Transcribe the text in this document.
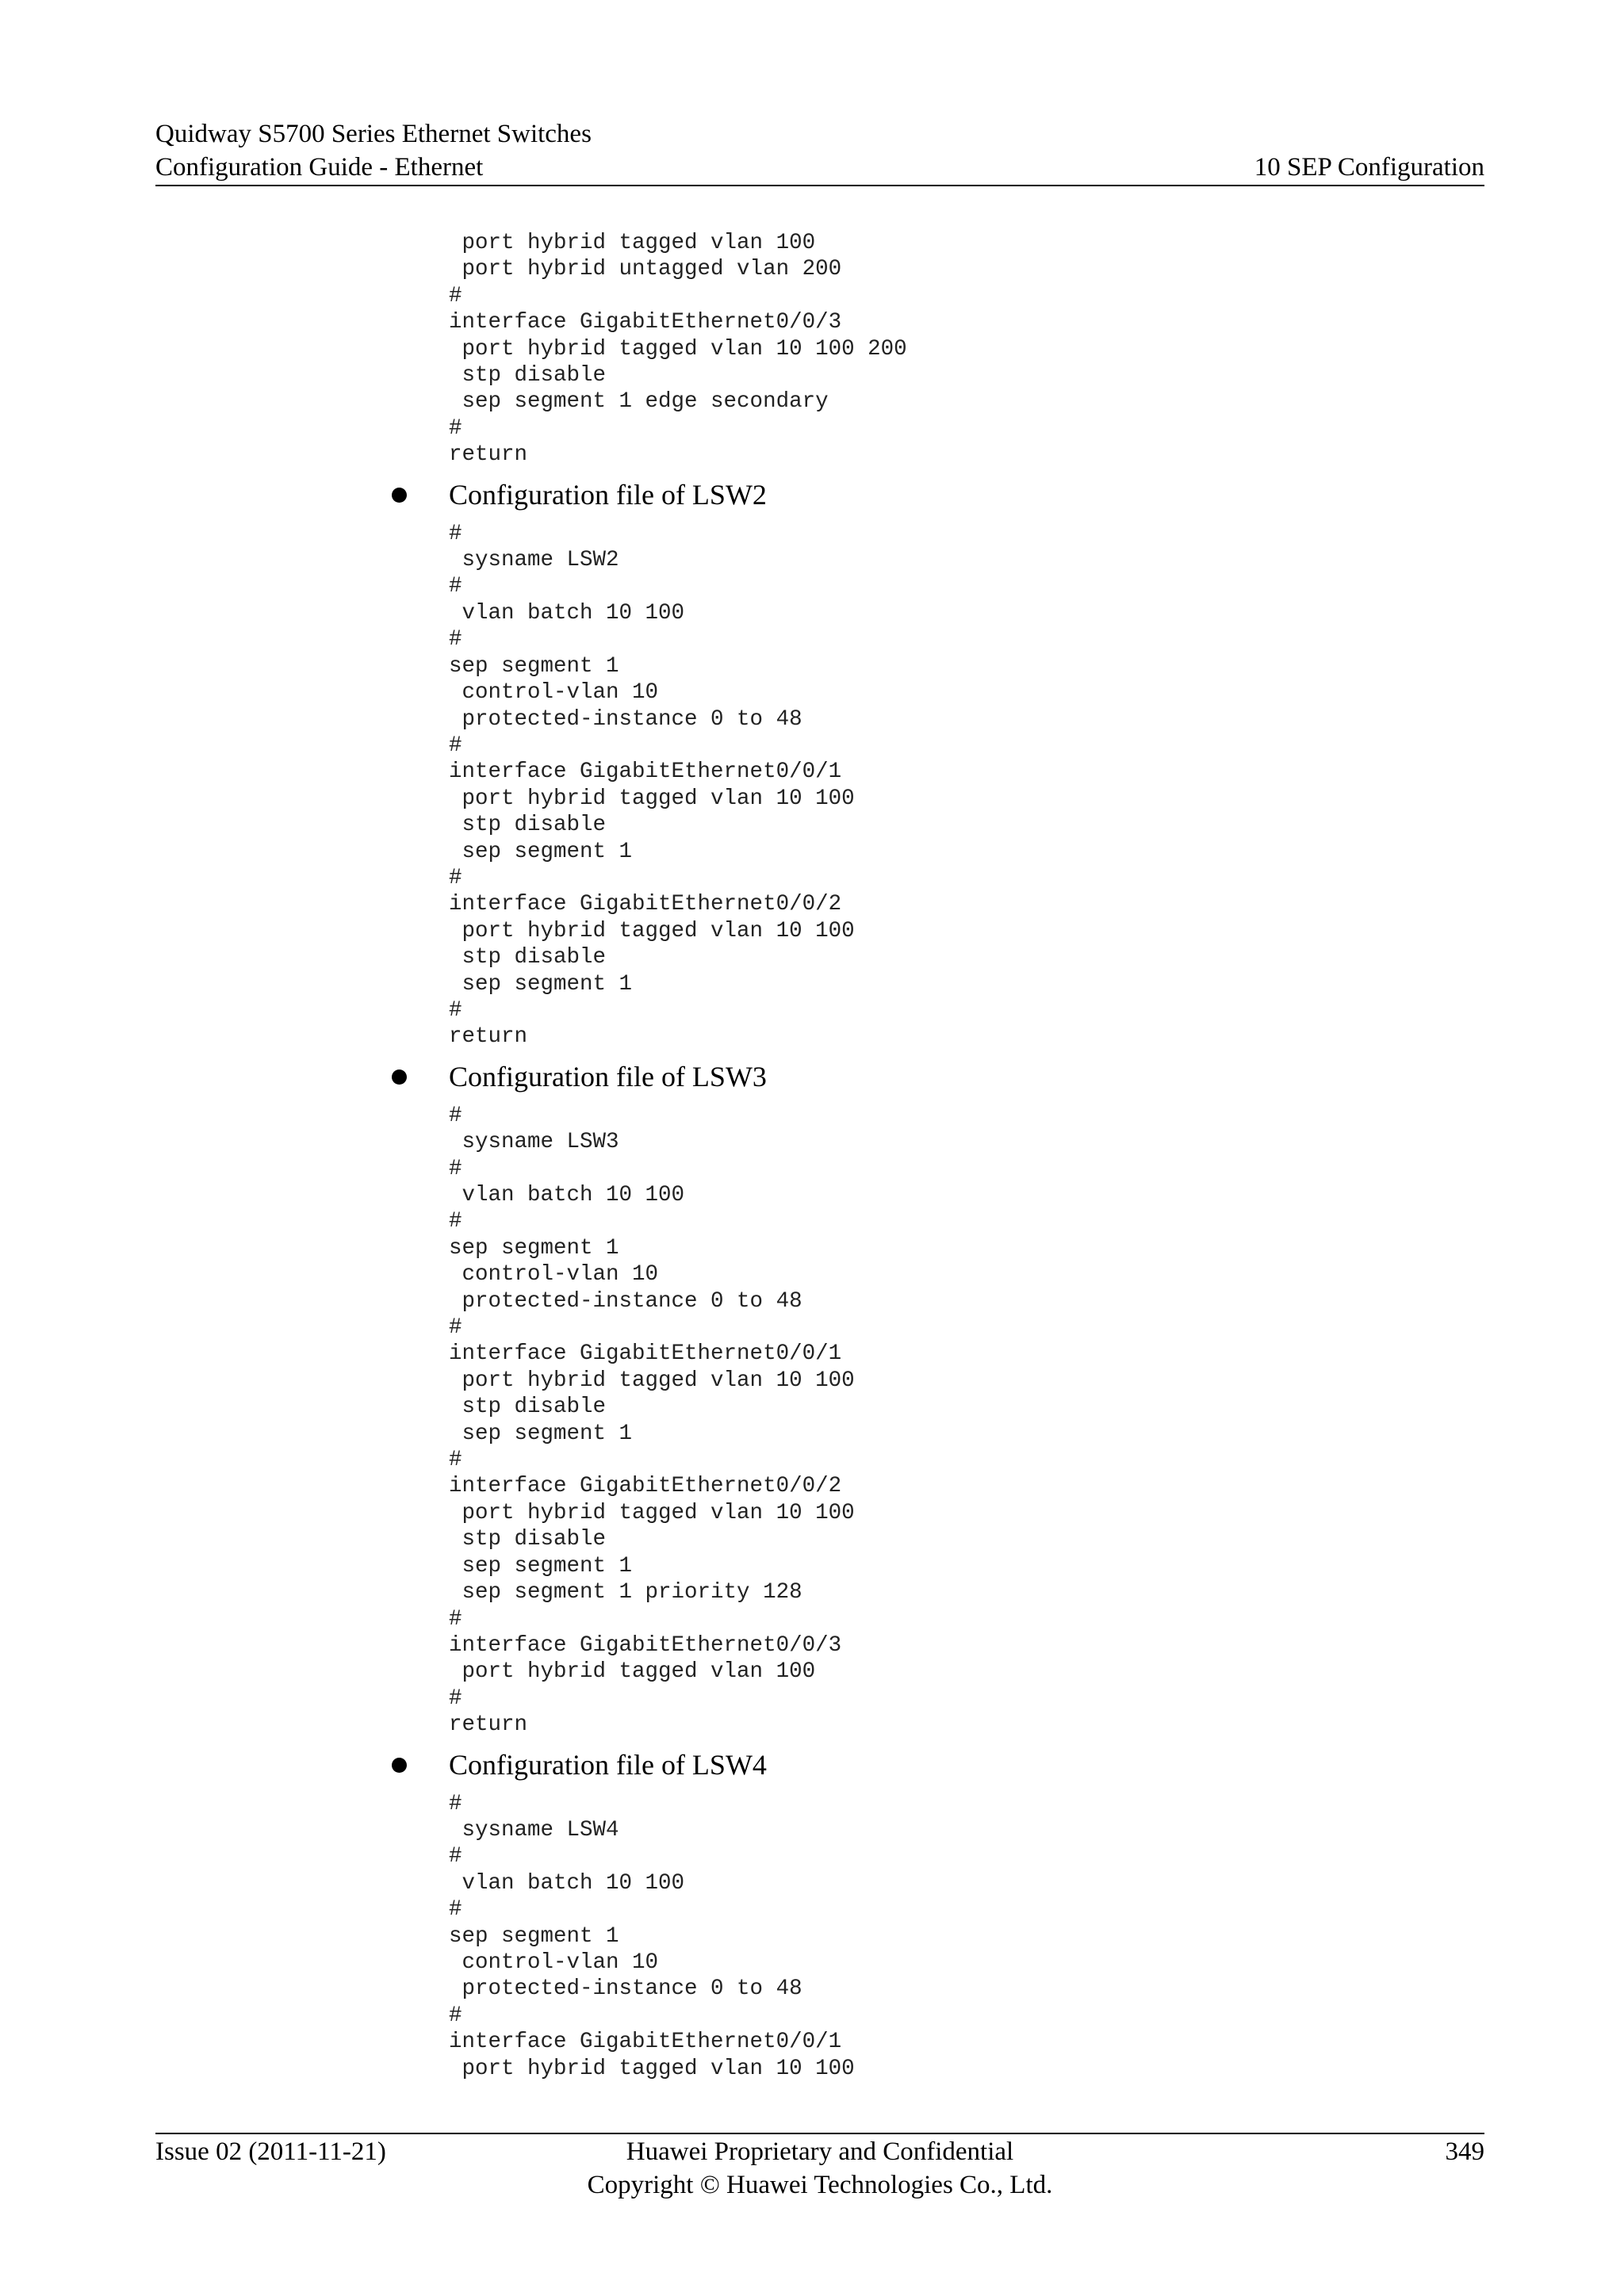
Quidway S5700 Series Ethernet Switches
Configuration Guide - Ethernet	10 SEP Configuration
port hybrid tagged vlan 100
port hybrid untagged vlan 200
#
interface GigabitEthernet0/0/3
port hybrid tagged vlan 10 100 200
stp disable
sep segment 1 edge secondary
#
return
Configuration file of LSW2
#
sysname LSW2
#
vlan batch 10 100
#
sep segment 1
control-vlan 10
protected-instance 0 to 48
#
interface GigabitEthernet0/0/1
port hybrid tagged vlan 10 100
stp disable
sep segment 1
#
interface GigabitEthernet0/0/2
port hybrid tagged vlan 10 100
stp disable
sep segment 1
#
return
Configuration file of LSW3
#
sysname LSW3
#
vlan batch 10 100
#
sep segment 1
control-vlan 10
protected-instance 0 to 48
#
interface GigabitEthernet0/0/1
port hybrid tagged vlan 10 100
stp disable
sep segment 1
#
interface GigabitEthernet0/0/2
port hybrid tagged vlan 10 100
stp disable
sep segment 1
sep segment 1 priority 128
#
interface GigabitEthernet0/0/3
port hybrid tagged vlan 100
#
return
Configuration file of LSW4
#
sysname LSW4
#
vlan batch 10 100
#
sep segment 1
control-vlan 10
protected-instance 0 to 48
#
interface GigabitEthernet0/0/1
port hybrid tagged vlan 10 100
Issue 02 (2011-11-21)	Huawei Proprietary and Confidential
Copyright © Huawei Technologies Co., Ltd.
349
